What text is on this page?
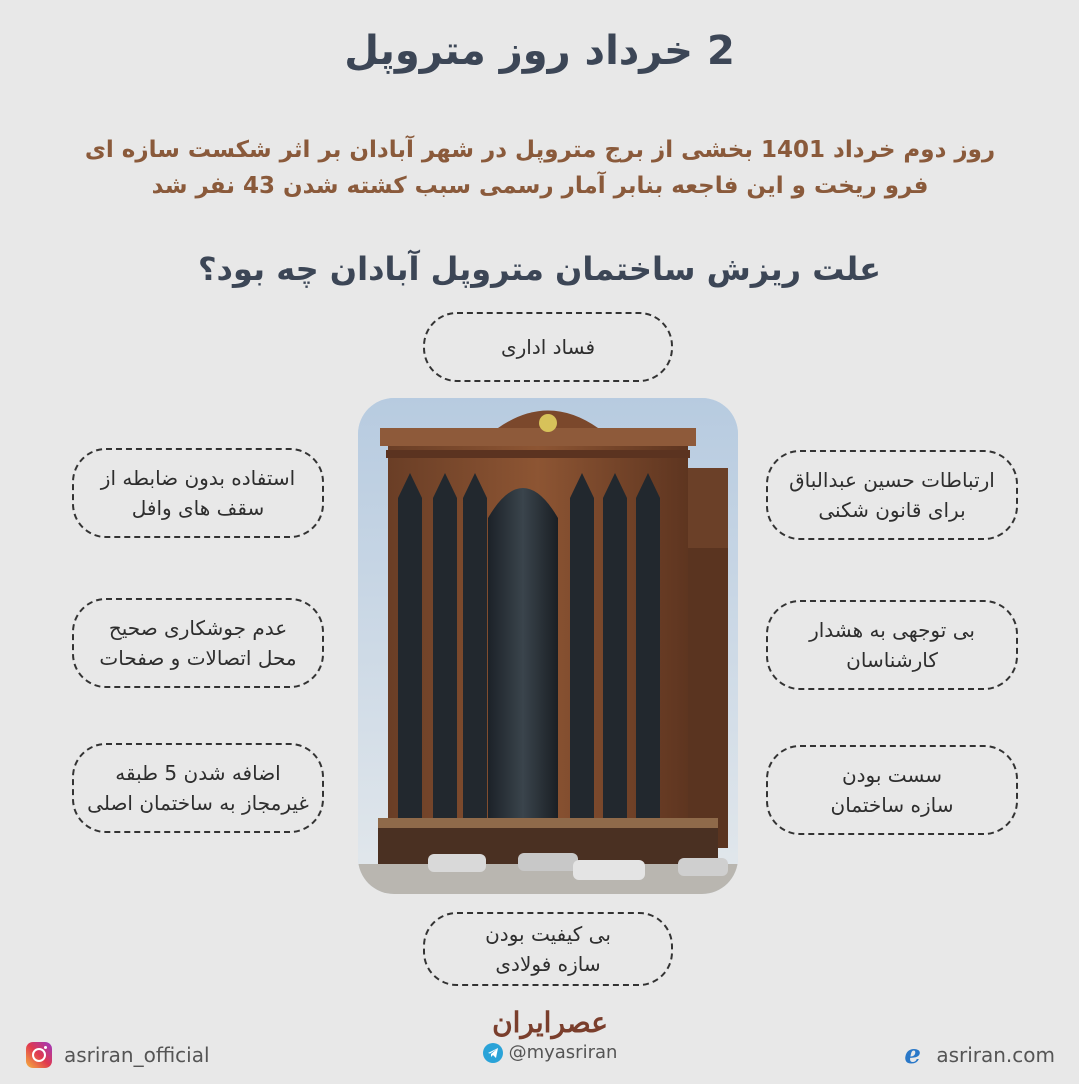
2 خرداد روز متروپل
روز دوم خرداد 1401 بخشی از برج متروپل در شهر آبادان بر اثر شکست سازه ای فرو ریخت و این فاجعه بنابر آمار رسمی سبب کشته شدن 43 نفر شد
علت ریزش ساختمان متروپل آبادان چه بود؟
فساد اداری
استفاده بدون ضابطه از
سقف های وافل
عدم جوشکاری صحیح
محل اتصالات و صفحات
اضافه شدن 5 طبقه
غیرمجاز به ساختمان اصلی
ارتباطات حسین عبدالباق
برای قانون شکنی
بی توجهی به هشدار
کارشناسان
سست بودن
سازه ساختمان
بی کیفیت بودن
سازه فولادی
asriran_official
عصرایران
@myasriran	e asriran.com
